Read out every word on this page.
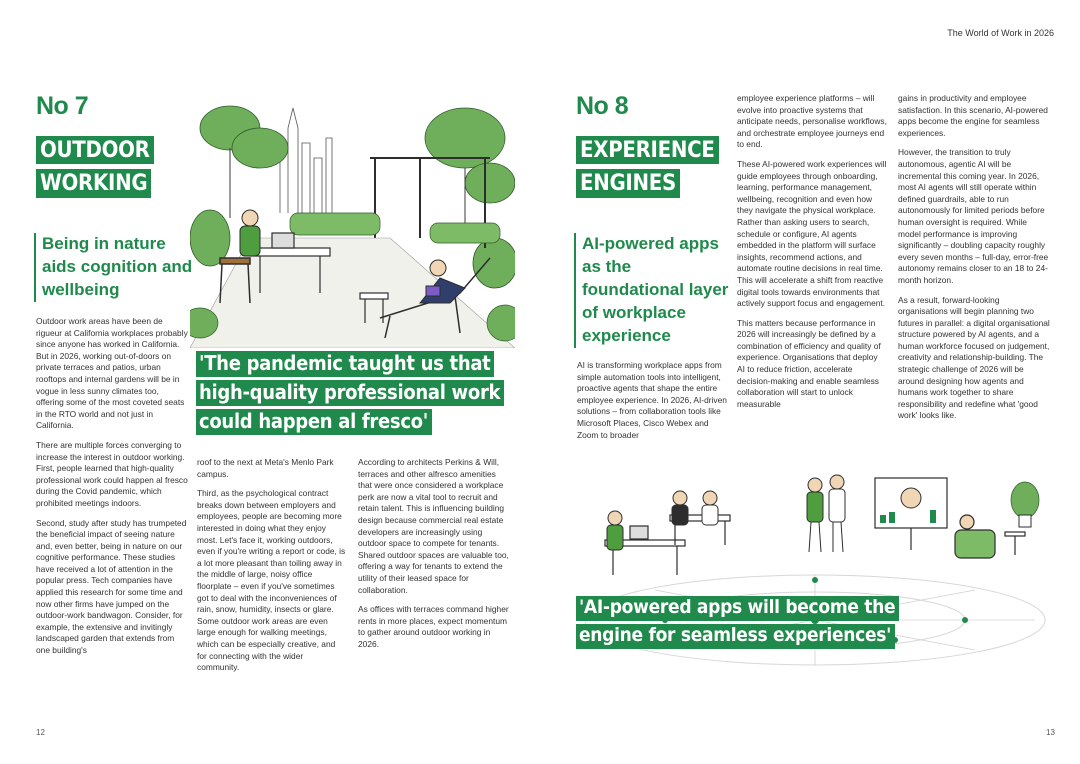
The World of Work in 2026
No 7
OUTDOOR
WORKING
Being in nature aids cognition and wellbeing

Outdoor work areas have been de rigueur at California workplaces probably since anyone has worked in California. But in 2026, working out-of-doors on private terraces and patios, urban rooftops and internal gardens will be in vogue in less sunny climates too, offering some of the most coveted seats in the RTO world and not just in California.

There are multiple forces converging to increase the interest in outdoor working. First, people learned that high-quality professional work could happen al fresco during the Covid pandemic, which prohibited meetings indoors.

Second, study after study has trumpeted the beneficial impact of seeing nature and, even better, being in nature on our cognitive performance. These studies have received a lot of attention in the popular press. Tech companies have applied this research for some time and now other firms have jumped on the outdoor-work bandwagon. Consider, for example, the extensive and invitingly landscaped garden that extends from one building's

roof to the next at Meta's Menlo Park campus.

Third, as the psychological contract breaks down between employers and employees, people are becoming more interested in doing what they enjoy most. Let's face it, working outdoors, even if you're writing a report or code, is a lot more pleasant than toiling away in the middle of large, noisy office floorplate – even if you've sometimes got to deal with the inconveniences of rain, snow, humidity, insects or glare. Some outdoor work areas are even large enough for walking meetings, which can be especially creative, and for connecting with the wider community.

According to architects Perkins & Will, terraces and other alfresco amenities that were once considered a workplace perk are now a vital tool to recruit and retain talent. This is influencing building design because commercial real estate developers are increasingly using outdoor space to compete for tenants. Shared outdoor spaces are valuable too, offering a way for tenants to extend the utility of their leased space for collaboration.

As offices with terraces command higher rents in more places, expect momentum to gather around outdoor working in 2026.

'The pandemic taught us that
high-quality professional work
could happen al fresco'
12
No 8
EXPERIENCE
ENGINES
AI-powered apps as the foundational layer of workplace experience

AI is transforming workplace apps from simple automation tools into intelligent, proactive agents that shape the entire employee experience. In 2026, AI-driven solutions – from collaboration tools like Microsoft Places, Cisco Webex and Zoom to broader

employee experience platforms – will evolve into proactive systems that anticipate needs, personalise workflows, and orchestrate employee journeys end to end.

These AI-powered work experiences will guide employees through onboarding, learning, performance management, wellbeing, recognition and even how they navigate the physical workplace. Rather than asking users to search, schedule or configure, AI agents embedded in the platform will surface insights, recommend actions, and automate routine decisions in real time. This will accelerate a shift from reactive digital tools towards environments that actively support focus and engagement.

This matters because performance in 2026 will increasingly be defined by a combination of efficiency and quality of experience. Organisations that deploy AI to reduce friction, accelerate decision-making and enable seamless collaboration will start to unlock measurable

gains in productivity and employee satisfaction. In this scenario, AI-powered apps become the engine for seamless experiences.

However, the transition to truly autonomous, agentic AI will be incremental this coming year. In 2026, most AI agents will still operate within defined guardrails, able to run autonomously for limited periods before human oversight is required. While model performance is improving significantly – doubling capacity roughly every seven months – full-day, error-free autonomy remains closer to an 18 to 24-month horizon.

As a result, forward-looking organisations will begin planning two futures in parallel: a digital organisational structure powered by AI agents, and a human workforce focused on judgement, creativity and relationship-building. The strategic challenge of 2026 will be around designing how agents and humans work together to share responsibility and redefine what 'good work' looks like.

'AI-powered apps will become the
engine for seamless experiences'
13
